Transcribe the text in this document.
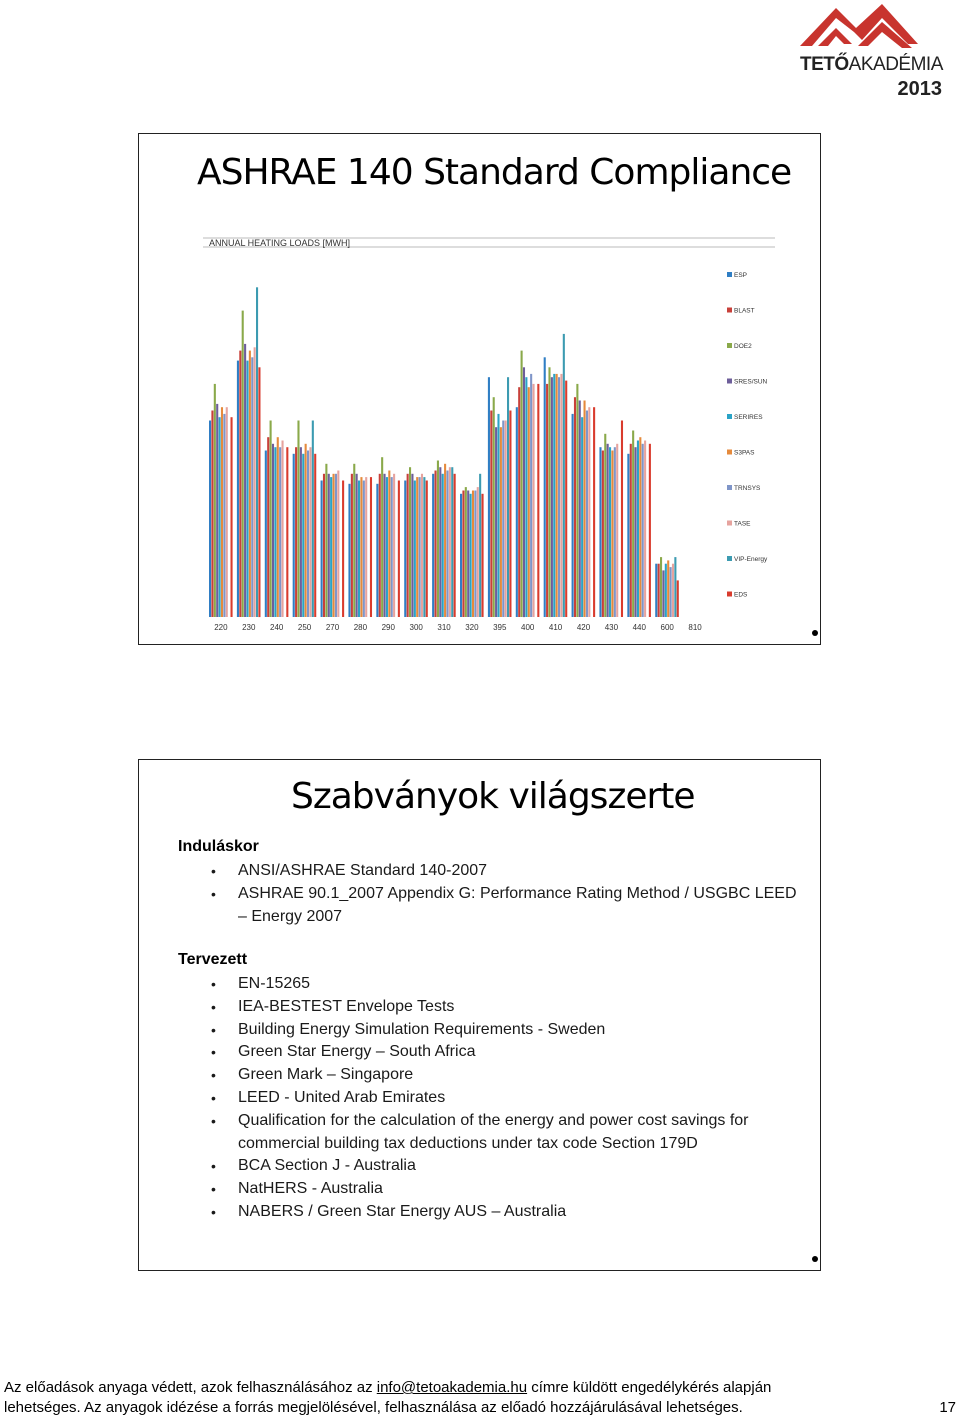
TETŐAKADÉMIA
2013
ASHRAE 140 Standard Compliance
ANNUAL HEATING LOADS [MWH]
220 230 240 250 270 280 290 300 310 320 395 400 410 420 430 440 600 810
ESP
BLAST
DOE2
SRES/SUN
SERIRES
S3PAS
TRNSYS
TASE
VIP-Energy
EDS
Szabványok világszerte
Induláskor
• ANSI/ASHRAE Standard 140-2007
• ASHRAE 90.1_2007 Appendix G: Performance Rating Method / USGBC LEED – Energy 2007
Tervezett
• EN-15265
• IEA-BESTEST Envelope Tests
• Building Energy Simulation Requirements - Sweden
• Green Star Energy – South Africa
• Green Mark – Singapore
• LEED - United Arab Emirates
• Qualification for the calculation of the energy and power cost savings for commercial building tax deductions under tax code Section 179D
• BCA Section J - Australia
• NatHERS - Australia
• NABERS / Green Star Energy AUS – Australia
Az előadások anyaga védett, azok felhasználásához az info@tetoakademia.hu címre küldött engedélykérés alapján
lehetséges. Az anyagok idézése a forrás megjelölésével, felhasználása az előadó hozzájárulásával lehetséges.	17
